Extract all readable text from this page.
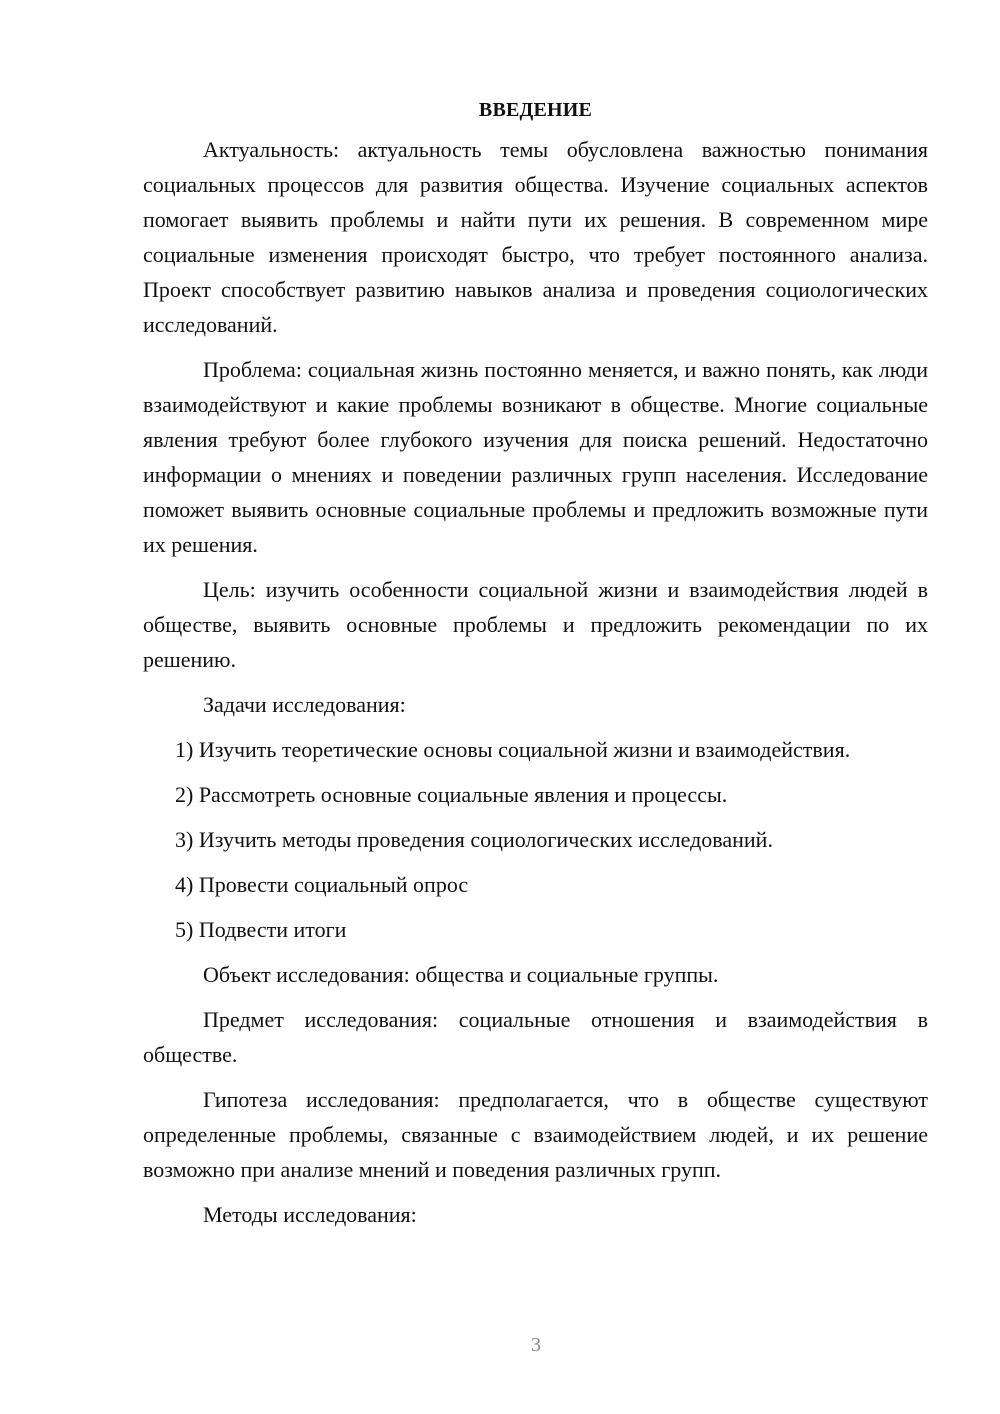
ВВЕДЕНИЕ

Актуальность: актуальность темы обусловлена важностью понимания социальных процессов для развития общества. Изучение социальных аспектов помогает выявить проблемы и найти пути их решения. В современном мире социальные изменения происходят быстро, что требует постоянного анализа. Проект способствует развитию навыков анализа и проведения социологических исследований.

Проблема: социальная жизнь постоянно меняется, и важно понять, как люди взаимодействуют и какие проблемы возникают в обществе. Многие социальные явления требуют более глубокого изучения для поиска решений. Недостаточно информации о мнениях и поведении различных групп населения. Исследование поможет выявить основные социальные проблемы и предложить возможные пути их решения.

Цель: изучить особенности социальной жизни и взаимодействия людей в обществе, выявить основные проблемы и предложить рекомендации по их решению.

Задачи исследования:

1) Изучить теоретические основы социальной жизни и взаимодействия.

2) Рассмотреть основные социальные явления и процессы.

3) Изучить методы проведения социологических исследований.

4) Провести социальный опрос

5) Подвести итоги

Объект исследования: общества и социальные группы.

Предмет исследования: социальные отношения и взаимодействия в обществе.

Гипотеза исследования: предполагается, что в обществе существуют определенные проблемы, связанные с взаимодействием людей, и их решение возможно при анализе мнений и поведения различных групп.

Методы исследования:

3
